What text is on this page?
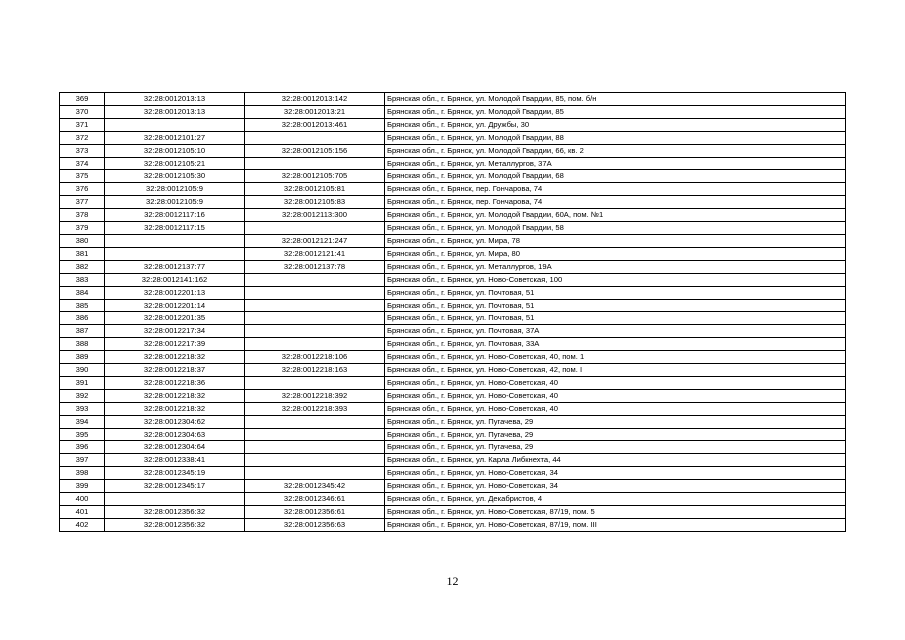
369	32:28:0012013:13	32:28:0012013:142	Брянская обл., г. Брянск, ул. Молодой Гвардии, 85, пом. б/н
370	32:28:0012013:13	32:28:0012013:21	Брянская обл., г. Брянск, ул. Молодой Гвардии, 85
371		32:28:0012013:461	Брянская обл., г. Брянск, ул. Дружбы, 30
372	32:28:0012101:27		Брянская обл., г. Брянск, ул. Молодой Гвардии, 88
373	32:28:0012105:10	32:28:0012105:156	Брянская обл., г. Брянск, ул. Молодой Гвардии, 66, кв. 2
374	32:28:0012105:21		Брянская обл., г. Брянск, ул. Металлургов, 37А
375	32:28:0012105:30	32:28:0012105:705	Брянская обл., г. Брянск, ул. Молодой Гвардии, 68
376	32:28:0012105:9	32:28:0012105:81	Брянская обл., г. Брянск, пер. Гончарова, 74
377	32:28:0012105:9	32:28:0012105:83	Брянская обл., г. Брянск, пер. Гончарова, 74
378	32:28:0012117:16	32:28:0012113:300	Брянская обл., г. Брянск, ул. Молодой Гвардии, 60А, пом. №1
379	32:28:0012117:15		Брянская обл., г. Брянск, ул. Молодой Гвардии, 58
380		32:28:0012121:247	Брянская обл., г. Брянск, ул. Мира, 78
381		32:28:0012121:41	Брянская обл., г. Брянск, ул. Мира, 80
382	32:28:0012137:77	32:28:0012137:78	Брянская обл., г. Брянск, ул. Металлургов, 19А
383	32:28:0012141:162		Брянская обл., г. Брянск, ул. Ново-Советская, 100
384	32:28:0012201:13		Брянская обл., г. Брянск, ул. Почтовая, 51
385	32:28:0012201:14		Брянская обл., г. Брянск, ул. Почтовая, 51
386	32:28:0012201:35		Брянская обл., г. Брянск, ул. Почтовая, 51
387	32:28:0012217:34		Брянская обл., г. Брянск, ул. Почтовая, 37А
388	32:28:0012217:39		Брянская обл., г. Брянск, ул. Почтовая, 33А
389	32:28:0012218:32	32:28:0012218:106	Брянская обл., г. Брянск, ул. Ново-Советская, 40, пом. 1
390	32:28:0012218:37	32:28:0012218:163	Брянская обл., г. Брянск, ул. Ново-Советская, 42, пом. I
391	32:28:0012218:36		Брянская обл., г. Брянск, ул. Ново-Советская, 40
392	32:28:0012218:32	32:28:0012218:392	Брянская обл., г. Брянск, ул. Ново-Советская, 40
393	32:28:0012218:32	32:28:0012218:393	Брянская обл., г. Брянск, ул. Ново-Советская, 40
394	32:28:0012304:62		Брянская обл., г. Брянск, ул. Пугачева, 29
395	32:28:0012304:63		Брянская обл., г. Брянск, ул. Пугачева, 29
396	32:28:0012304:64		Брянская обл., г. Брянск, ул. Пугачева, 29
397	32:28:0012338:41		Брянская обл., г. Брянск, ул. Карла Либкнехта, 44
398	32:28:0012345:19		Брянская обл., г. Брянск, ул. Ново-Советская, 34
399	32:28:0012345:17	32:28:0012345:42	Брянская обл., г. Брянск, ул. Ново-Советская, 34
400		32:28:0012346:61	Брянская обл., г. Брянск, ул. Декабристов, 4
401	32:28:0012356:32	32:28:0012356:61	Брянская обл., г. Брянск, ул. Ново-Советская, 87/19, пом. 5
402	32:28:0012356:32	32:28:0012356:63	Брянская обл., г. Брянск, ул. Ново-Советская, 87/19, пом. III
12
